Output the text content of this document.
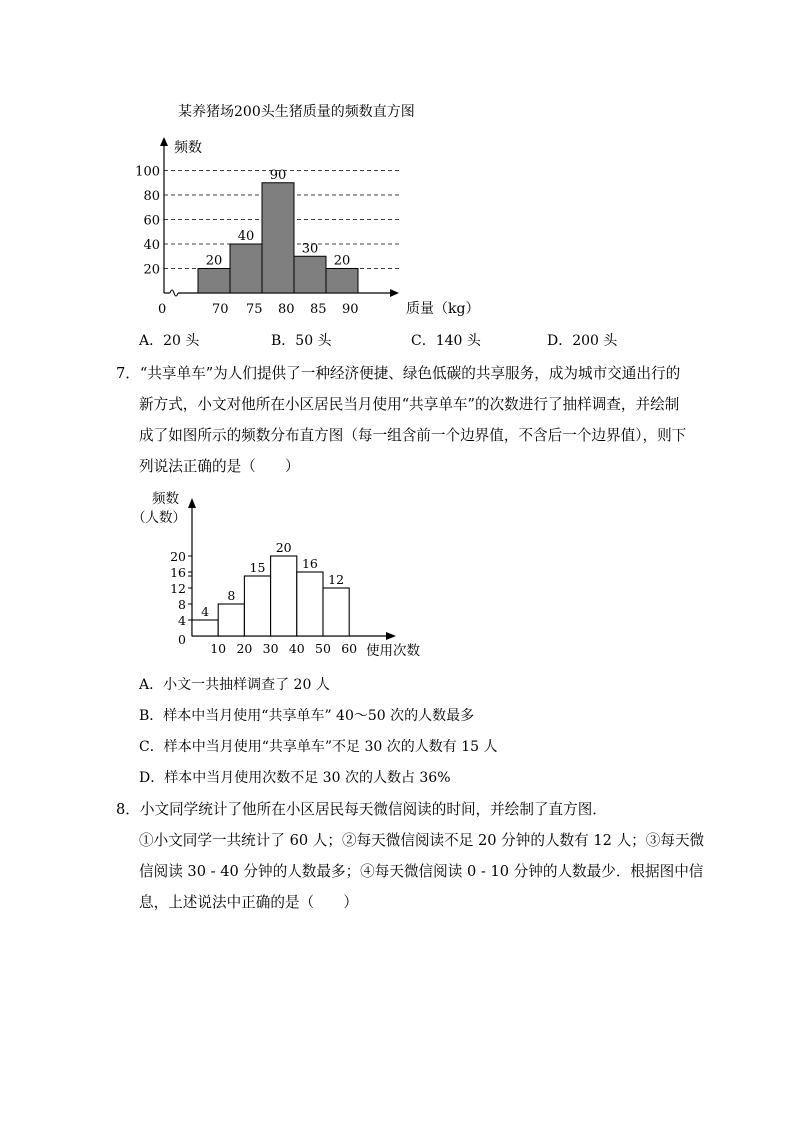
某养猪场200头生猪质量的频数直方图
20
40
60
80
100
20
40
90
30
20
70 75 80 85 90
0
频数
质量（kg）
A．20 头	B．50 头	C．140 头	D．200 头
7．“共享单车”为人们提供了一种经济便捷、绿色低碳的共享服务，成为城市交通出行的
新方式，小文对他所在小区居民当月使用“共享单车”的次数进行了抽样调查，并绘制
成了如图所示的频数分布直方图（每一组含前一个边界值，不含后一个边界值），则下
列说法正确的是（　　）
4
8
12
16
20
4
8
15
20
16
12
10 20 30 40 50 60
0
频数
（人数）
使用次数
A．小文一共抽样调查了 20 人
B．样本中当月使用“共享单车” 40～50 次的人数最多
C．样本中当月使用“共享单车”不足 30 次的人数有 15 人
D．样本中当月使用次数不足 30 次的人数占 36%
8．小文同学统计了他所在小区居民每天微信阅读的时间，并绘制了直方图．
①小文同学一共统计了 60 人；②每天微信阅读不足 20 分钟的人数有 12 人；③每天微
信阅读 30 - 40 分钟的人数最多；④每天微信阅读 0 - 10 分钟的人数最少．根据图中信
息，上述说法中正确的是（　　）
